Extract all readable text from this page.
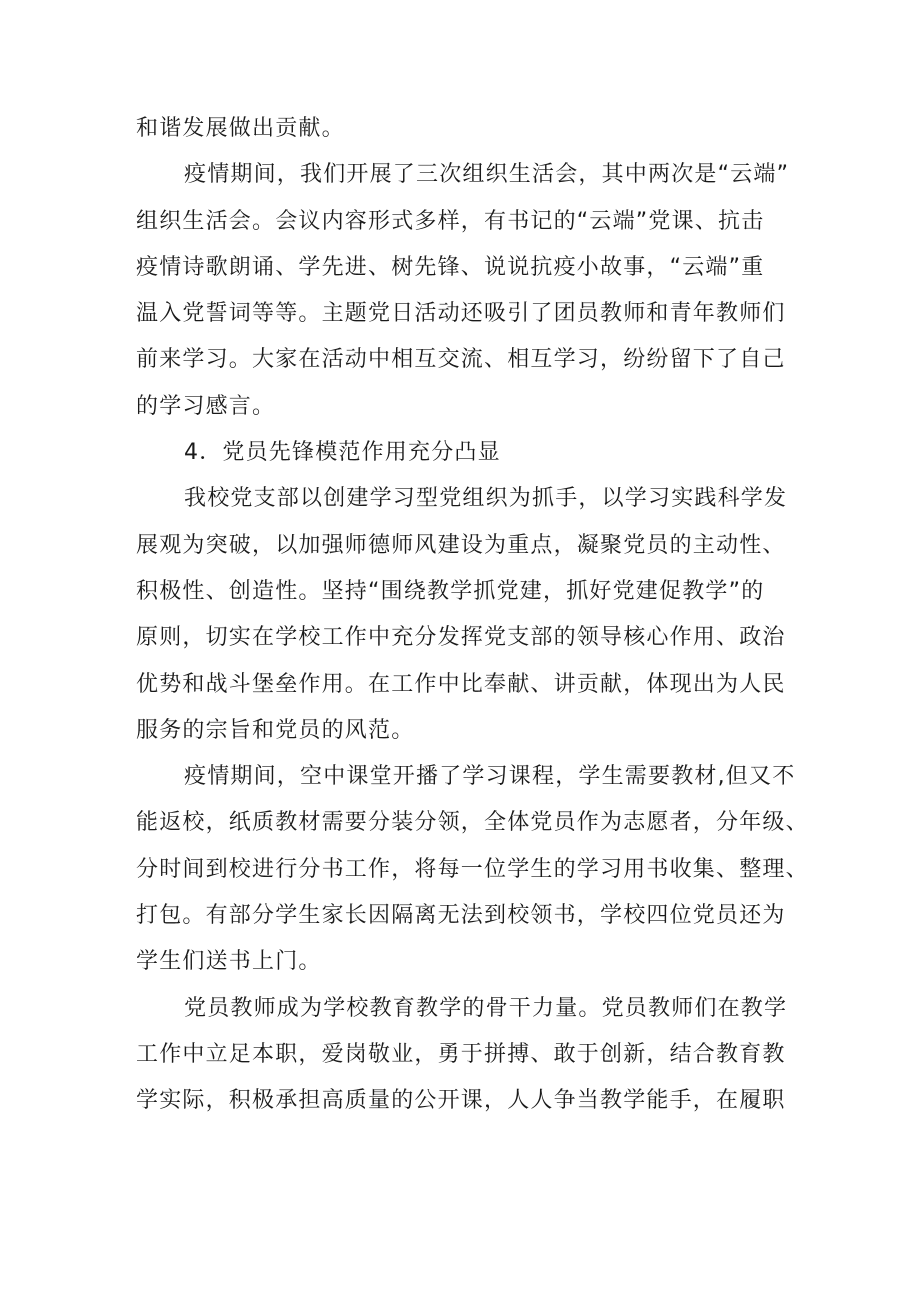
和谐发展做出贡献。

疫情期间，我们开展了三次组织生活会，其中两次是“云端”
组织生活会。会议内容形式多样，有书记的“云端”党课、抗击
疫情诗歌朗诵、学先进、树先锋、说说抗疫小故事，“云端”重
温入党誓词等等。主题党日活动还吸引了团员教师和青年教师们
前来学习。大家在活动中相互交流、相互学习，纷纷留下了自己
的学习感言。

4．党员先锋模范作用充分凸显

我校党支部以创建学习型党组织为抓手，以学习实践科学发
展观为突破，以加强师德师风建设为重点，凝聚党员的主动性、
积极性、创造性。坚持“围绕教学抓党建，抓好党建促教学”的
原则，切实在学校工作中充分发挥党支部的领导核心作用、政治
优势和战斗堡垒作用。在工作中比奉献、讲贡献，体现出为人民
服务的宗旨和党员的风范。

疫情期间，空中课堂开播了学习课程，学生需要教材,但又不
能返校，纸质教材需要分装分领，全体党员作为志愿者，分年级、
分时间到校进行分书工作，将每一位学生的学习用书收集、整理、
打包。有部分学生家长因隔离无法到校领书，学校四位党员还为
学生们送书上门。

党员教师成为学校教育教学的骨干力量。党员教师们在教学
工作中立足本职，爱岗敬业，勇于拼搏、敢于创新，结合教育教
学实际，积极承担高质量的公开课，人人争当教学能手，在履职
